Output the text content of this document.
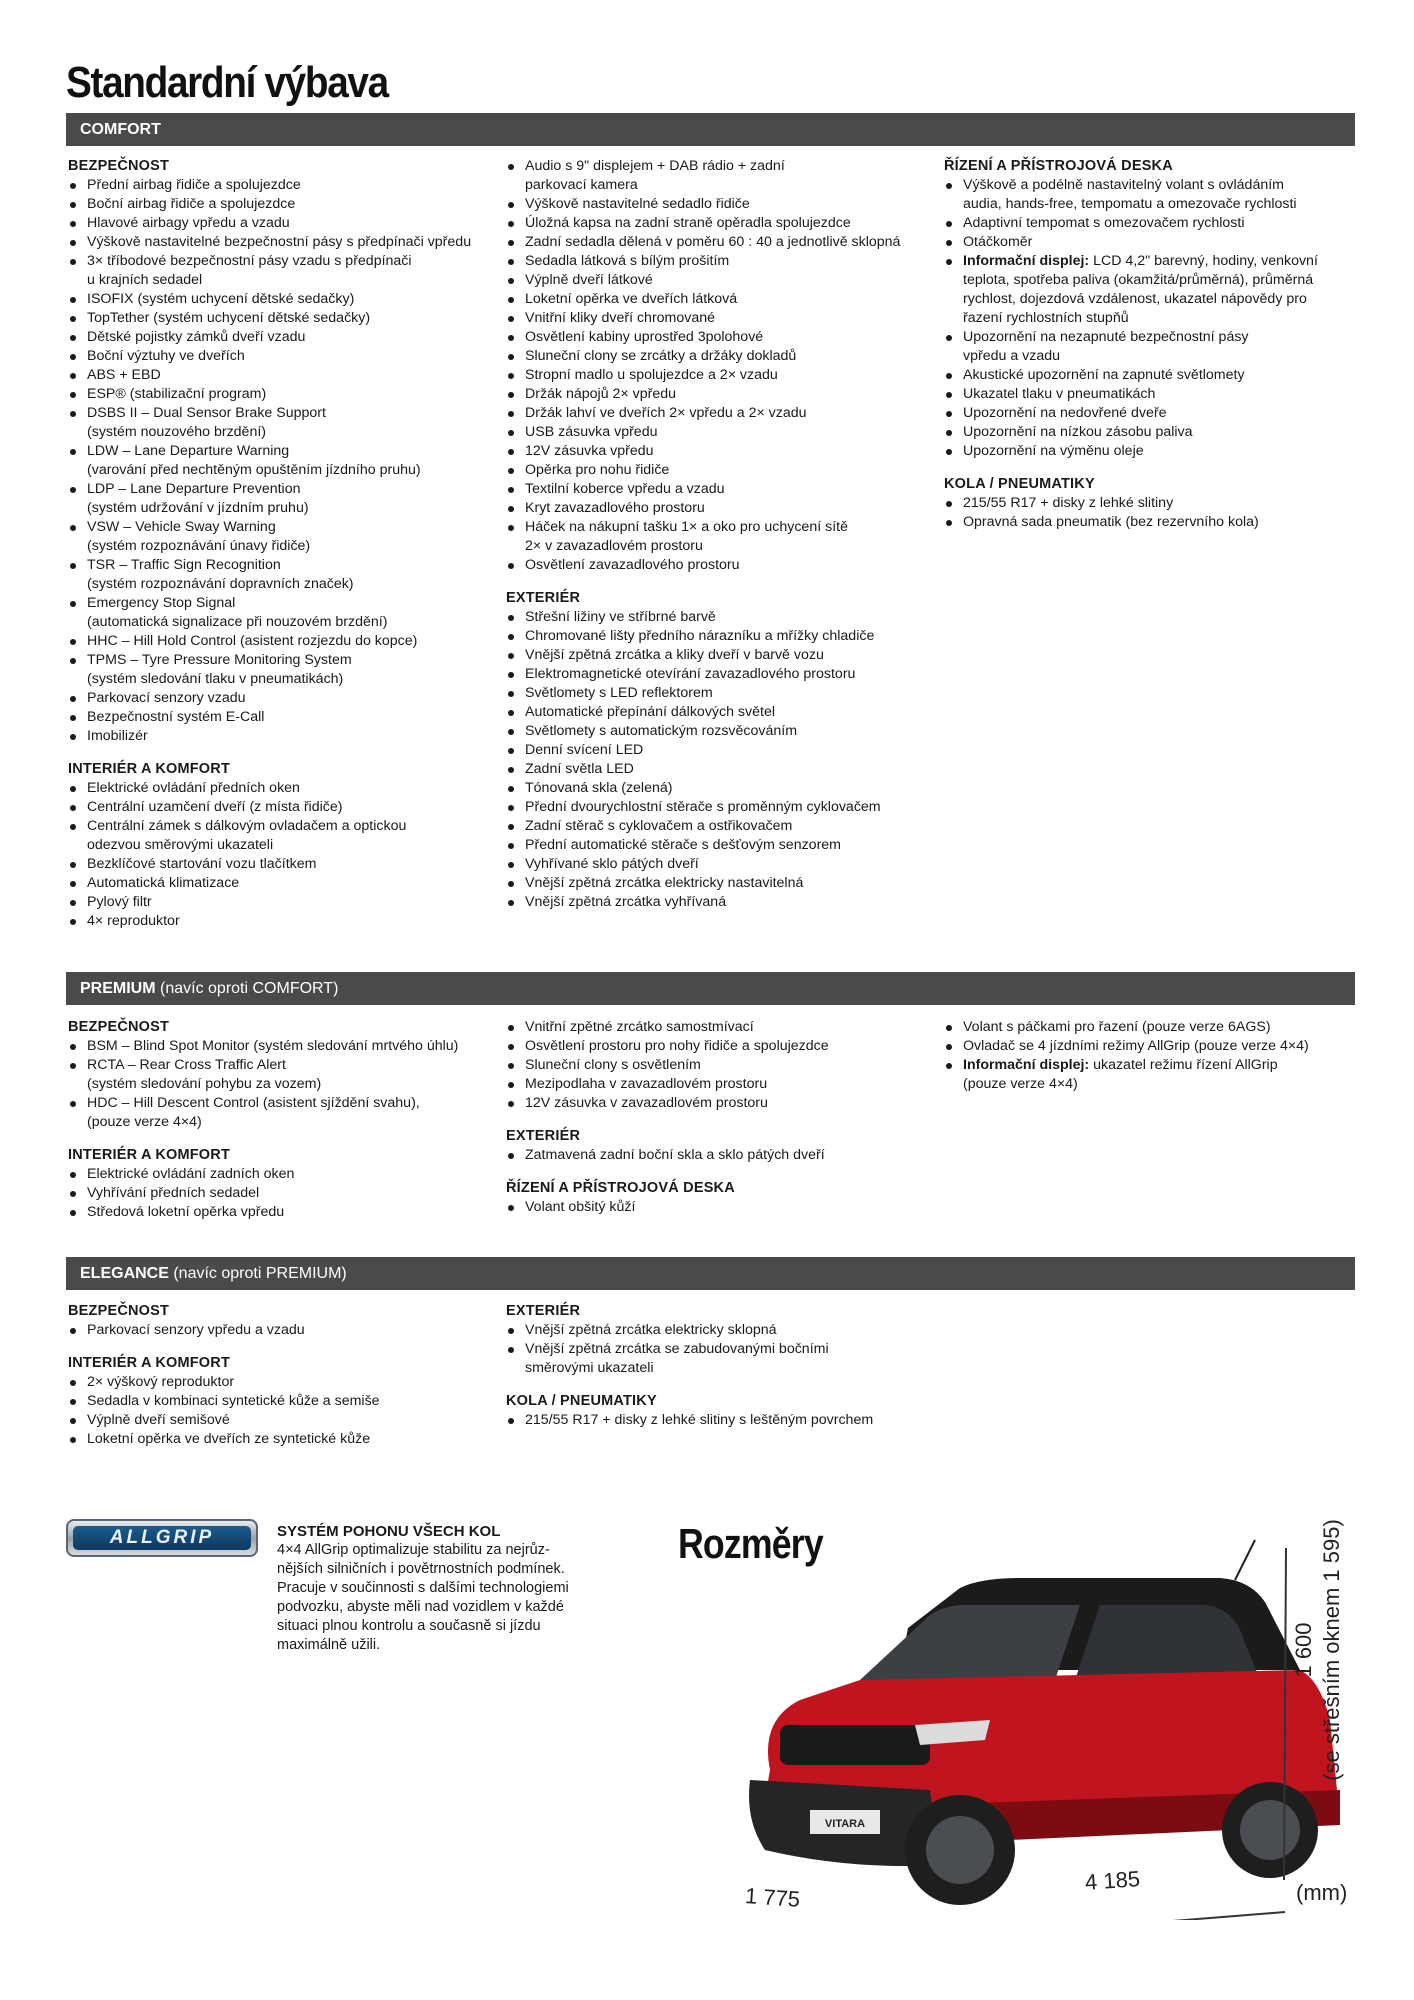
Standardní výbava
COMFORT
BEZPEČNOST
Přední airbag řidiče a spolujezdce
Boční airbag řidiče a spolujezdce
Hlavové airbagy vpředu a vzadu
Výškově nastavitelné bezpečnostní pásy s předpínači vpředu
3× tříbodové bezpečnostní pásy vzadu s předpínači
u krajních sedadel
ISOFIX (systém uchycení dětské sedačky)
TopTether (systém uchycení dětské sedačky)
Dětské pojistky zámků dveří vzadu
Boční výztuhy ve dveřích
ABS + EBD
ESP® (stabilizační program)
DSBS II – Dual Sensor Brake Support
(systém nouzového brzdění)
LDW – Lane Departure Warning
(varování před nechtěným opuštěním jízdního pruhu)
LDP – Lane Departure Prevention
(systém udržování v jízdním pruhu)
VSW – Vehicle Sway Warning
(systém rozpoznávání únavy řidiče)
TSR – Traffic Sign Recognition
(systém rozpoznávání dopravních značek)
Emergency Stop Signal
(automatická signalizace při nouzovém brzdění)
HHC – Hill Hold Control (asistent rozjezdu do kopce)
TPMS – Tyre Pressure Monitoring System
(systém sledování tlaku v pneumatikách)
Parkovací senzory vzadu
Bezpečnostní systém E-Call
Imobilizér
INTERIÉR A KOMFORT
Elektrické ovládání předních oken
Centrální uzamčení dveří (z místa řidiče)
Centrální zámek s dálkovým ovladačem a optickou
odezvou směrovými ukazateli
Bezklíčové startování vozu tlačítkem
Automatická klimatizace
Pylový filtr
4× reproduktor
Audio s 9" displejem + DAB rádio + zadní
parkovací kamera
Výškově nastavitelné sedadlo řidiče
Úložná kapsa na zadní straně opěradla spolujezdce
Zadní sedadla dělená v poměru 60 : 40 a jednotlivě sklopná
Sedadla látková s bílým prošitím
Výplně dveří látkové
Loketní opěrka ve dveřích látková
Vnitřní kliky dveří chromované
Osvětlení kabiny uprostřed 3polohové
Sluneční clony se zrcátky a držáky dokladů
Stropní madlo u spolujezdce a 2× vzadu
Držák nápojů 2× vpředu
Držák lahví ve dveřích 2× vpředu a 2× vzadu
USB zásuvka vpředu
12V zásuvka vpředu
Opěrka pro nohu řidiče
Textilní koberce vpředu a vzadu
Kryt zavazadlového prostoru
Háček na nákupní tašku 1× a oko pro uchycení sítě
2× v zavazadlovém prostoru
Osvětlení zavazadlového prostoru
EXTERIÉR
Střešní ližiny ve stříbrné barvě
Chromované lišty předního nárazníku a mřížky chladiče
Vnější zpětná zrcátka a kliky dveří v barvě vozu
Elektromagnetické otevírání zavazadlového prostoru
Světlomety s LED reflektorem
Automatické přepínání dálkových světel
Světlomety s automatickým rozsvěcováním
Denní svícení LED
Zadní světla LED
Tónovaná skla (zelená)
Přední dvourychlostní stěrače s proměnným cyklovačem
Zadní stěrač s cyklovačem a ostřikovačem
Přední automatické stěrače s dešťovým senzorem
Vyhřívané sklo pátých dveří
Vnější zpětná zrcátka elektricky nastavitelná
Vnější zpětná zrcátka vyhřívaná
ŘÍZENÍ A PŘÍSTROJOVÁ DESKA
Výškově a podélně nastavitelný volant s ovládáním
audia, hands-free, tempomatu a omezovače rychlosti
Adaptivní tempomat s omezovačem rychlosti
Otáčkoměr
Informační displej: LCD 4,2" barevný, hodiny, venkovní
teplota, spotřeba paliva (okamžitá/průměrná), průměrná
rychlost, dojezdová vzdálenost, ukazatel nápovědy pro
řazení rychlostních stupňů
Upozornění na nezapnuté bezpečnostní pásy
vpředu a vzadu
Akustické upozornění na zapnuté světlomety
Ukazatel tlaku v pneumatikách
Upozornění na nedovřené dveře
Upozornění na nízkou zásobu paliva
Upozornění na výměnu oleje
KOLA / PNEUMATIKY
215/55 R17 + disky z lehké slitiny
Opravná sada pneumatik (bez rezervního kola)
PREMIUM (navíc oproti COMFORT)
BEZPEČNOST
BSM – Blind Spot Monitor (systém sledování mrtvého úhlu)
RCTA – Rear Cross Traffic Alert
(systém sledování pohybu za vozem)
HDC – Hill Descent Control (asistent sjíždění svahu),
(pouze verze 4×4)
INTERIÉR A KOMFORT
Elektrické ovládání zadních oken
Vyhřívání předních sedadel
Středová loketní opěrka vpředu
Vnitřní zpětné zrcátko samostmívací
Osvětlení prostoru pro nohy řidiče a spolujezdce
Sluneční clony s osvětlením
Mezipodlaha v zavazadlovém prostoru
12V zásuvka v zavazadlovém prostoru
EXTERIÉR
Zatmavená zadní boční skla a sklo pátých dveří
ŘÍZENÍ A PŘÍSTROJOVÁ DESKA
Volant obšitý kůží
Volant s páčkami pro řazení (pouze verze 6AGS)
Ovladač se 4 jízdními režimy AllGrip (pouze verze 4×4)
Informační displej: ukazatel režimu řízení AllGrip
(pouze verze 4×4)
ELEGANCE (navíc oproti PREMIUM)
BEZPEČNOST
Parkovací senzory vpředu a vzadu
INTERIÉR A KOMFORT
2× výškový reproduktor
Sedadla v kombinaci syntetické kůže a semiše
Výplně dveří semišové
Loketní opěrka ve dveřích ze syntetické kůže
EXTERIÉR
Vnější zpětná zrcátka elektricky sklopná
Vnější zpětná zrcátka se zabudovanými bočními
směrovými ukazateli
KOLA / PNEUMATIKY
215/55 R17 + disky z lehké slitiny s leštěným povrchem
ALLGRIP	SYSTÉM POHONU VŠECH KOL

4×4 AllGrip optimalizuje stabilitu za nejrůz-
nějších silničních i povětrnostních podmínek.
Pracuje v součinnosti s dalšími technologiemi
podvozku, abyste měli nad vozidlem v každé
situaci plnou kontrolu a současně si jízdu
maximálně užili.

Rozměry
VITARA
1 775
4 185	(mm)
1 600 (se střešním oknem 1 595)
